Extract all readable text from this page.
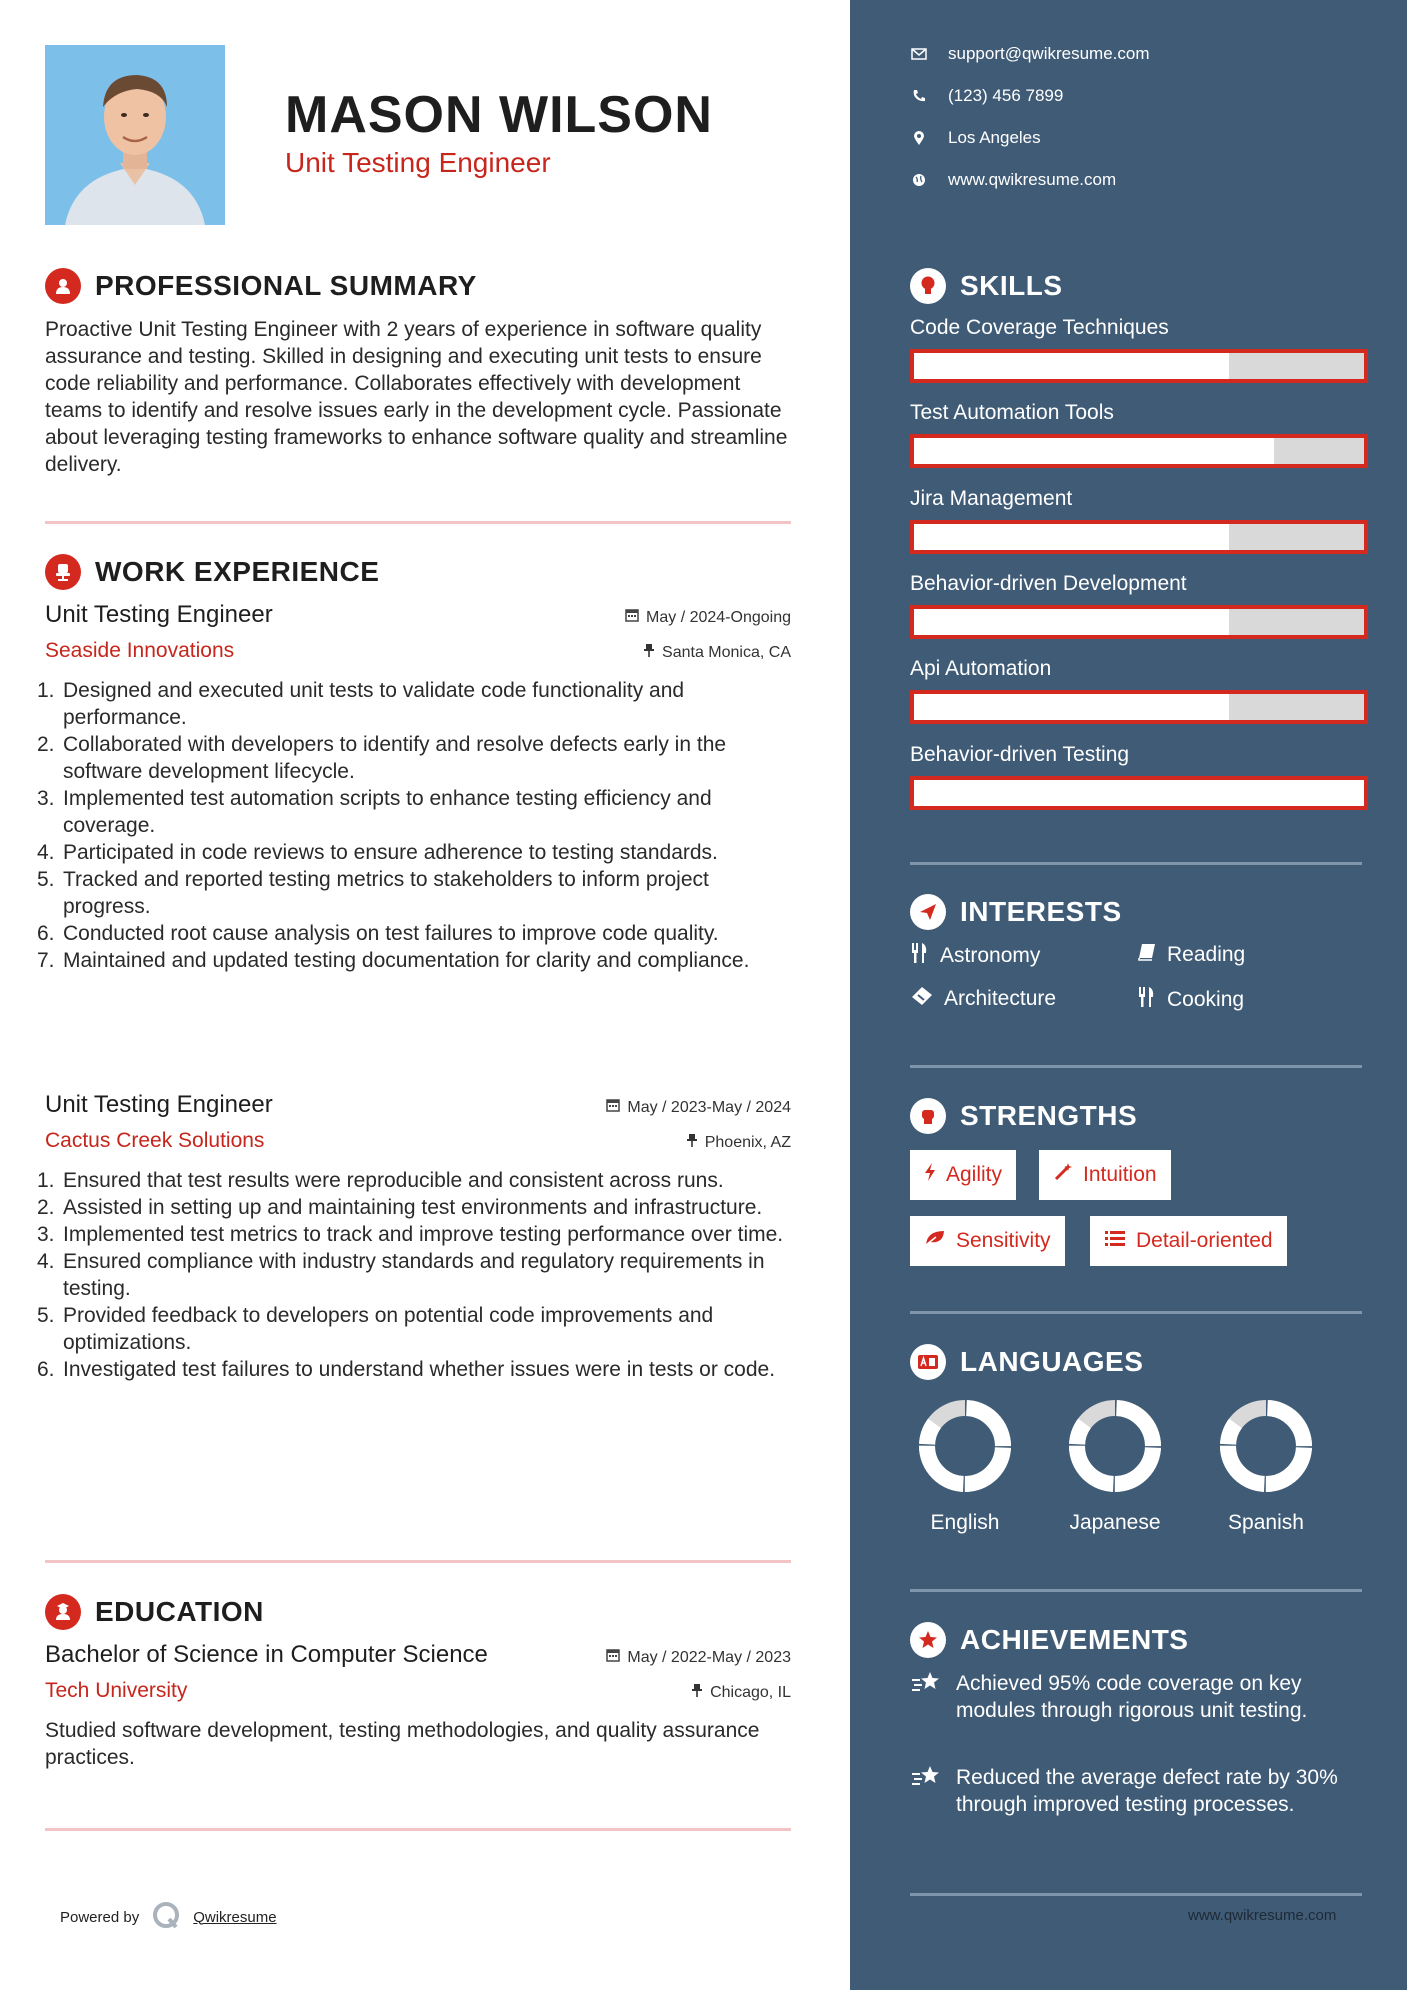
MASON WILSON
Unit Testing Engineer
PROFESSIONAL SUMMARY
Proactive Unit Testing Engineer with 2 years of experience in software quality assurance and testing. Skilled in designing and executing unit tests to ensure code reliability and performance. Collaborates effectively with development teams to identify and resolve issues early in the development cycle. Passionate about leveraging testing frameworks to enhance software quality and streamline delivery.
WORK EXPERIENCE
Unit Testing Engineer	May / 2024-Ongoing
Seaside Innovations	Santa Monica, CA
1. Designed and executed unit tests to validate code functionality and performance.
2. Collaborated with developers to identify and resolve defects early in the software development lifecycle.
3. Implemented test automation scripts to enhance testing efficiency and coverage.
4. Participated in code reviews to ensure adherence to testing standards.
5. Tracked and reported testing metrics to stakeholders to inform project progress.
6. Conducted root cause analysis on test failures to improve code quality.
7. Maintained and updated testing documentation for clarity and compliance.
Unit Testing Engineer	May / 2023-May / 2024
Cactus Creek Solutions	Phoenix, AZ
1. Ensured that test results were reproducible and consistent across runs.
2. Assisted in setting up and maintaining test environments and infrastructure.
3. Implemented test metrics to track and improve testing performance over time.
4. Ensured compliance with industry standards and regulatory requirements in testing.
5. Provided feedback to developers on potential code improvements and optimizations.
6. Investigated test failures to understand whether issues were in tests or code.
EDUCATION
Bachelor of Science in Computer Science	May / 2022-May / 2023
Tech University	Chicago, IL
Studied software development, testing methodologies, and quality assurance practices.
Powered by	Qwikresume
support@qwikresume.com
(123) 456 7899
Los Angeles
www.qwikresume.com
SKILLS
Code Coverage Techniques
Test Automation Tools
Jira Management
Behavior-driven Development
Api Automation
Behavior-driven Testing
INTERESTS
Astronomy	Reading
Architecture	Cooking
STRENGTHS
Agility	Intuition
Sensitivity	Detail-oriented
LANGUAGES
English	Japanese	Spanish
ACHIEVEMENTS
Achieved 95% code coverage on key modules through rigorous unit testing.
Reduced the average defect rate by 30% through improved testing processes.
www.qwikresume.com
